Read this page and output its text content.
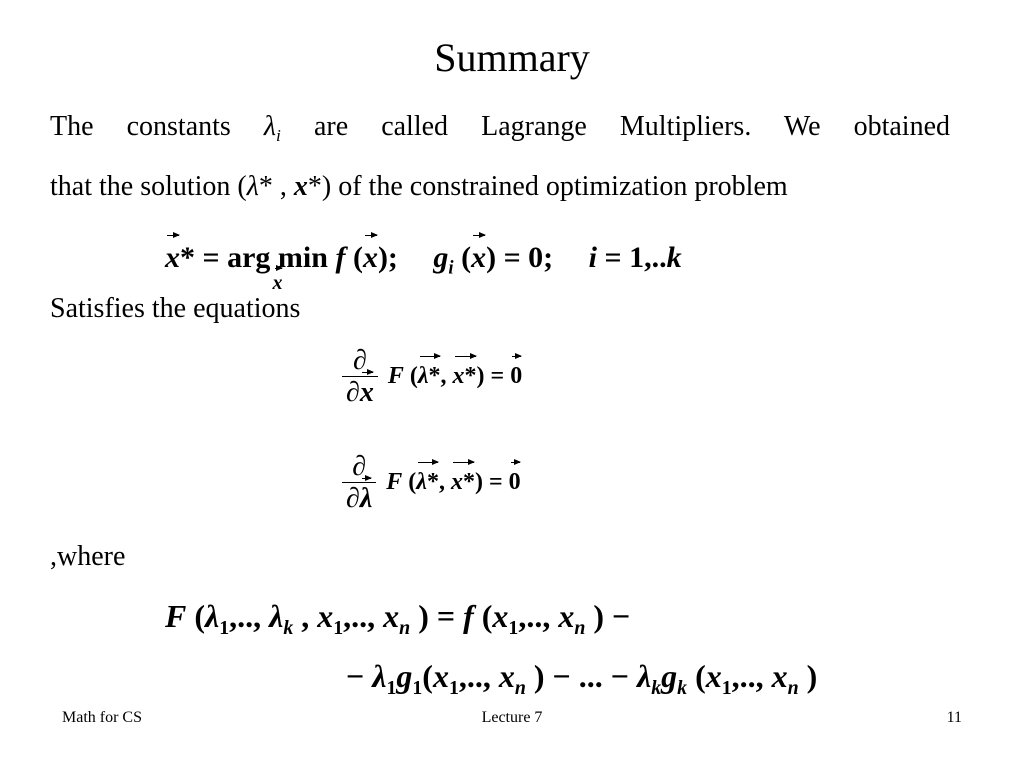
Summary
The constants $\lambda_i$ are called Lagrange Multipliers. We obtained
that the solution (λ* , x*) of the constrained optimization problem
x* = arg min
x
f (x); $g_i$ (x) = 0; i = 1,..k
Satisfies the equations
$\frac{\partial}{\partial x}$ F (λ*, x*) = 0
$\frac{\partial}{\partial\lambda}$ F (λ*, x*) = 0
,where
F ($\lambda_1$,.., $\lambda_k$ , $x_1$,.., $x_n$ ) = f ($x_1$,.., $x_n$ ) −
− $\lambda_1g_1(x_1$,.., $x_n$ ) − ... − $\lambda_kg_k$ ($x_1$,.., $x_n$ )
Math for CS	Lecture 7	11
